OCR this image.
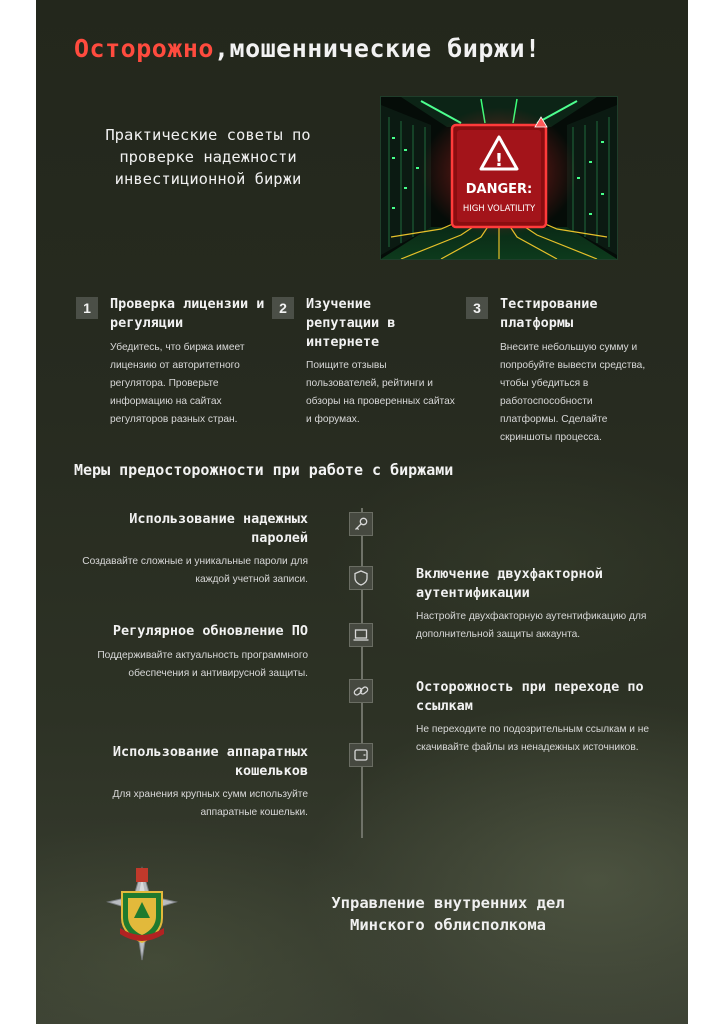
Осторожно,мошеннические биржи!
Практические советы по проверке надежности инвестиционной биржи
!
DANGER:
HIGH VOLATILITY
1	Проверка лицензии и регуляции
Убедитесь, что биржа имеет лицензию от авторитетного регулятора. Проверьте информацию на сайтах регуляторов разных стран.
2	Изучение репутации в интернете
Поищите отзывы пользователей, рейтинги и обзоры на проверенных сайтах и форумах.
3	Тестирование платформы
Внесите небольшую сумму и попробуйте вывести средства, чтобы убедиться в работоспособности платформы. Сделайте скриншоты процесса.
Меры предосторожности при работе с биржами
Использование надежных паролей
Создавайте сложные и уникальные пароли для каждой учетной записи.	Включение двухфакторной аутентификации
Настройте двухфакторную аутентификацию для дополнительной защиты аккаунта.
Регулярное обновление ПО
Поддерживайте актуальность программного обеспечения и антивирусной защиты.
Осторожность при переходе по ссылкам
Не переходите по подозрительным ссылкам и не скачивайте файлы из ненадежных источников.
Использование аппаратных кошельков
Для хранения крупных сумм используйте аппаратные кошельки.
Управление внутренних дел Минского облисполкома
